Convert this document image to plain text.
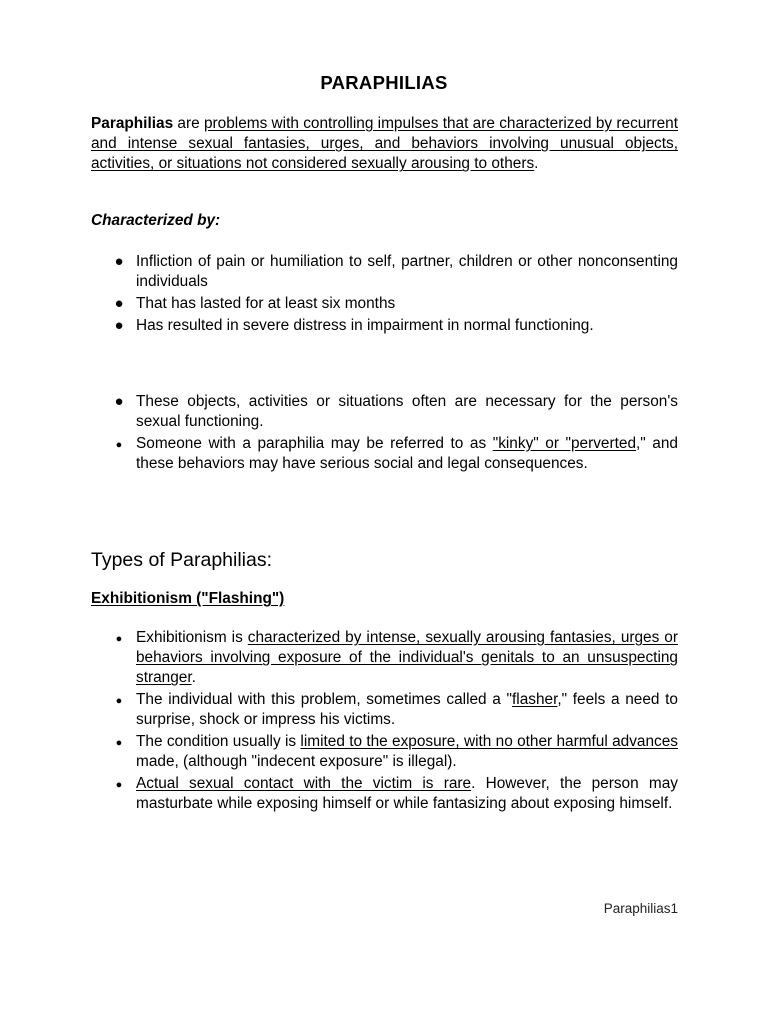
PARAPHILIAS
Paraphilias are problems with controlling impulses that are characterized by recurrent and intense sexual fantasies, urges, and behaviors involving unusual objects, activities, or situations not considered sexually arousing to others.
Characterized by:
● Infliction of pain or humiliation to self, partner, children or other nonconsenting individuals
● That has lasted for at least six months
● Has resulted in severe distress in impairment in normal functioning.
● These objects, activities or situations often are necessary for the person's sexual functioning.
● Someone with a paraphilia may be referred to as "kinky" or "perverted," and these behaviors may have serious social and legal consequences.
Types of Paraphilias:
Exhibitionism ("Flashing")
● Exhibitionism is characterized by intense, sexually arousing fantasies, urges or behaviors involving exposure of the individual's genitals to an unsuspecting stranger.
● The individual with this problem, sometimes called a "flasher," feels a need to surprise, shock or impress his victims.
● The condition usually is limited to the exposure, with no other harmful advances made, (although "indecent exposure" is illegal).
● Actual sexual contact with the victim is rare. However, the person may masturbate while exposing himself or while fantasizing about exposing himself.
Paraphilias1
